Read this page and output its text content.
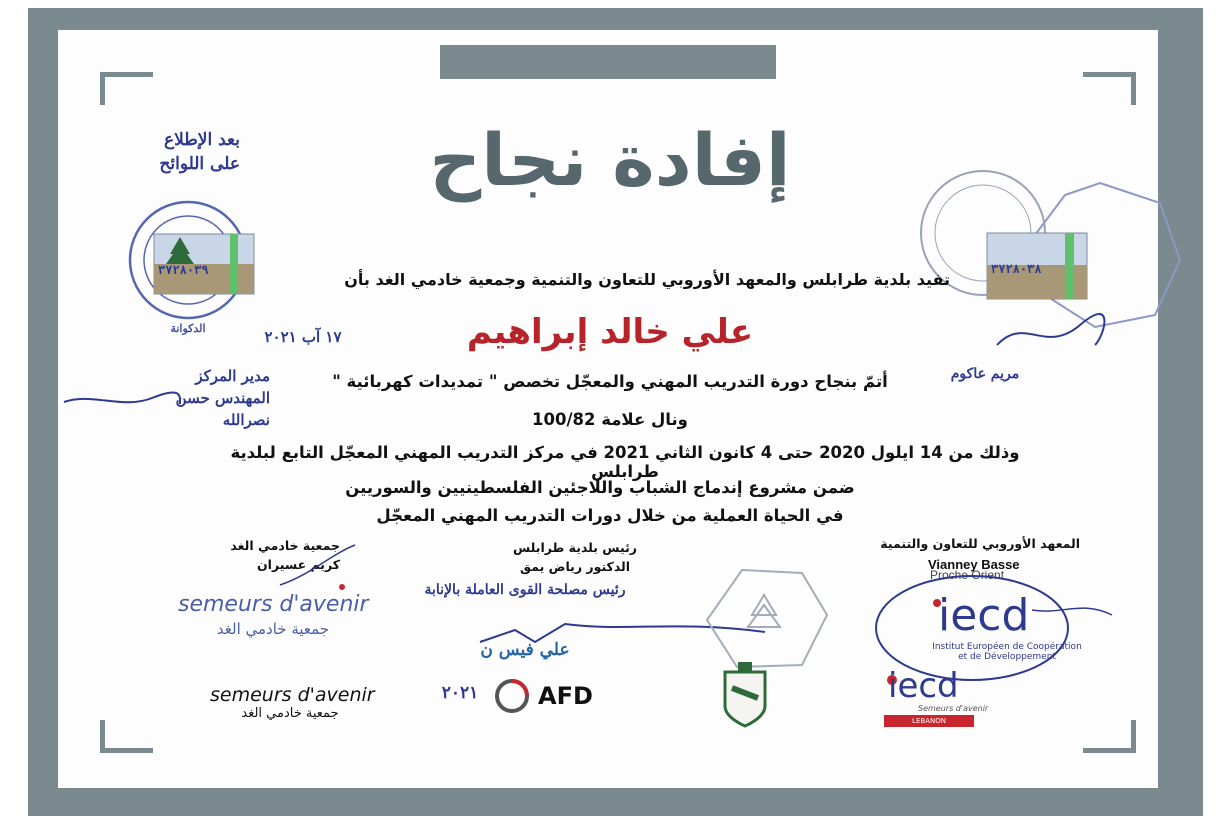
إفادة نجاح
بعد الإطلاع
على اللوائح
٣٧٢٨٠٣٩
الدكوانة	١٧ آب ٢٠٢١
مدير المركز
المهندس حسن نصرالله
٣٧٢٨٠٣٨
مريم عاكوم
تفيد بلدية طرابلس والمعهد الأوروبي للتعاون والتنمية وجمعية خادمي الغد بأن
علي خالد إبراهيم
أتمّ بنجاح دورة التدريب المهني والمعجّل تخصص " تمديدات كهربائية "
ونال علامة 100/82
وذلك من 14 ايلول 2020 حتى 4 كانون الثاني 2021 في مركز التدريب المهني المعجّل التابع لبلدية طرابلس
ضمن مشروع إندماج الشباب واللاجئين الفلسطينيين والسوريين
في الحياة العملية من خلال دورات التدريب المهني المعجّل
جمعية خادمي الغد
كريم عسيران
رئيس بلدية طرابلس
الدكتور رياض يمق
المعهد الأوروبي للتعاون والتنمية
Vianney Basse
Proche Orient
رئيس مصلحة القوى العاملة بالإنابة
علي فيس ن
iecd
Institut Européen de Coopération
et de Développement
semeurs d'avenir
جمعية خادمي الغد
semeurs d'avenir
جمعية خادمي الغد
٢٠٢١ AFD	iecd
Semeurs d'avenir
LEBANON
